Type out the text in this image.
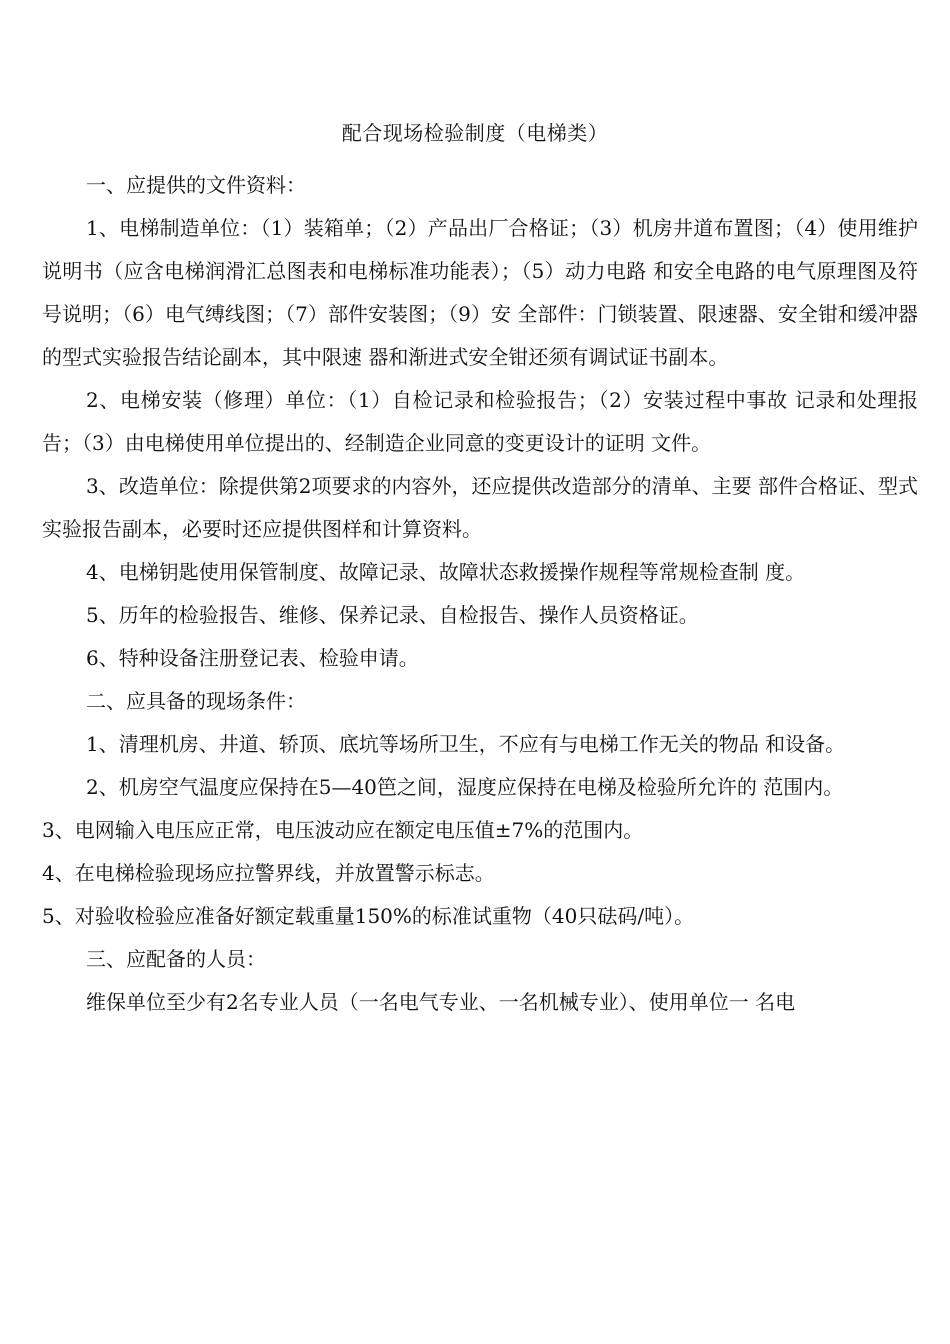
配合现场检验制度（电梯类）

一、应提供的文件资料：

1、电梯制造单位：（1）装箱单；（2）产品出厂合格证；（3）机房井道布置图；（4）使用维护说明书（应含电梯润滑汇总图表和电梯标准功能表）；（5）动力电路 和安全电路的电气原理图及符号说明；（6）电气缚线图；（7）部件安装图；（9）安 全部件：门锁装置、限速器、安全钳和缓冲器的型式实验报告结论副本，其中限速 器和渐进式安全钳还须有调试证书副本。

2、电梯安装（修理）单位：（1）自检记录和检验报告；（2）安装过程中事故 记录和处理报告；（3）由电梯使用单位提出的、经制造企业同意的变更设计的证明 文件。

3、改造单位：除提供第2项要求的内容外，还应提供改造部分的清单、主要 部件合格证、型式实验报告副本，必要时还应提供图样和计算资料。

4、电梯钥匙使用保管制度、故障记录、故障状态救援操作规程等常规检查制 度。

5、历年的检验报告、维修、保养记录、自检报告、操作人员资格证。

6、特种设备注册登记表、检验申请。

二、应具备的现场条件：

1、清理机房、井道、轿顶、底坑等场所卫生，不应有与电梯工作无关的物品 和设备。

2、机房空气温度应保持在5—40笆之间，湿度应保持在电梯及检验所允许的 范围内。

3、电网输入电压应正常，电压波动应在额定电压值±7%的范围内。

4、在电梯检验现场应拉警界线，并放置警示标志。

5、对验收检验应准备好额定载重量150%的标准试重物（40只砝码/吨）。

三、应配备的人员：

维保单位至少有2名专业人员（一名电气专业、一名机械专业）、使用单位一 名电
